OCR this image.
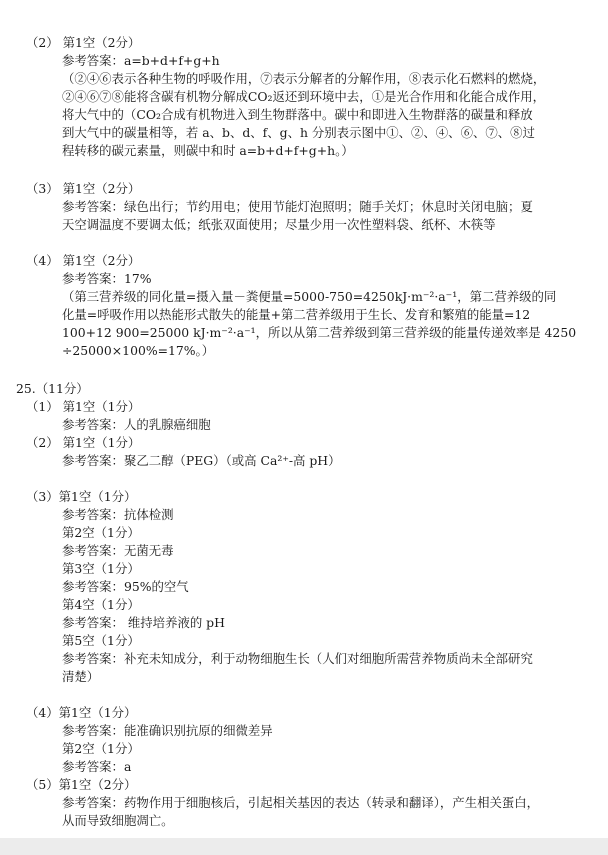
（2） 第1空（2分）
参考答案：a=b+d+f+g+h
（②④⑥表示各种生物的呼吸作用，⑦表示分解者的分解作用，⑧表示化石燃料的燃烧，
②④⑥⑦⑧能将含碳有机物分解成CO₂返还到环境中去，①是光合作用和化能合成作用，
将大气中的（CO₂合成有机物进入到生物群落中。碳中和即进入生物群落的碳量和释放
到大气中的碳量相等，若 a、b、d、f、g、h 分别表示图中①、②、④、⑥、⑦、⑧过
程转移的碳元素量，则碳中和时 a=b+d+f+g+h。）
（3） 第1空（2分）
参考答案：绿色出行；节约用电；使用节能灯泡照明；随手关灯；休息时关闭电脑；夏
天空调温度不要调太低；纸张双面使用；尽量少用一次性塑料袋、纸杯、木筷等
（4） 第1空（2分）
参考答案：17%
（第三营养级的同化量=摄入量－粪便量=5000-750=4250kJ·m⁻²·a⁻¹，第二营养级的同
化量=呼吸作用以热能形式散失的能量+第二营养级用于生长、发育和繁殖的能量=12
100+12 900=25000 kJ·m⁻²·a⁻¹，所以从第二营养级到第三营养级的能量传递效率是 4250
÷25000×100%=17%。）
25.（11分）
（1） 第1空（1分）
参考答案：人的乳腺癌细胞
（2） 第1空（1分）
参考答案：聚乙二醇（PEG）（或高 Ca²⁺-高 pH）
（3）第1空（1分）
参考答案：抗体检测
第2空（1分）
参考答案：无菌无毒
第3空（1分）
参考答案：95%的空气
第4空（1分）
参考答案： 维持培养液的 pH
第5空（1分）
参考答案：补充未知成分，利于动物细胞生长（人们对细胞所需营养物质尚未全部研究
清楚）
（4）第1空（1分）
参考答案：能准确识别抗原的细微差异
第2空（1分）
参考答案：a
（5）第1空（2分）
参考答案：药物作用于细胞核后，引起相关基因的表达（转录和翻译），产生相关蛋白，
从而导致细胞凋亡。
